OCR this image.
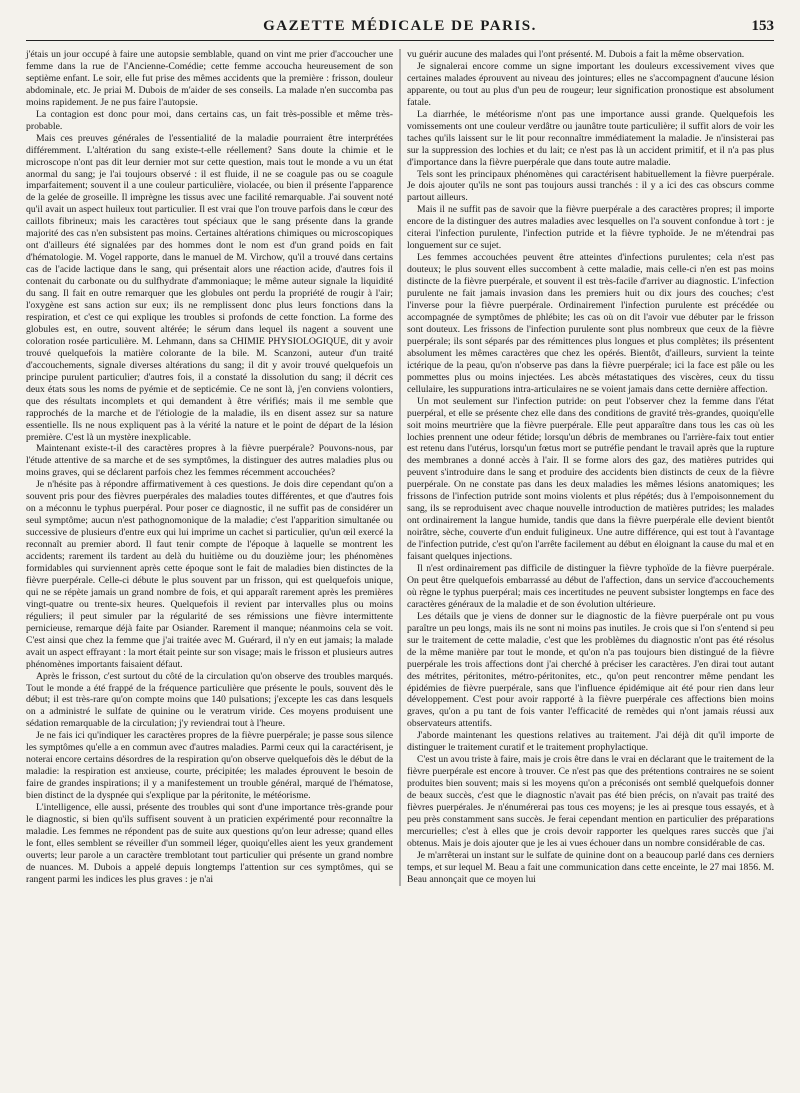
GAZETTE MÉDICALE DE PARIS.	153

j'étais un jour occupé à faire une autopsie semblable, quand on vint me prier d'accoucher une femme dans la rue de l'Ancienne-Comédie; cette femme accoucha heureusement de son septième enfant. Le soir, elle fut prise des mêmes accidents que la première : frisson, douleur abdominale, etc. Je priai M. Dubois de m'aider de ses conseils. La malade n'en succomba pas moins rapidement. Je ne pus faire l'autopsie.

La contagion est donc pour moi, dans certains cas, un fait très-possible et même très-probable.

Mais ces preuves générales de l'essentialité de la maladie pourraient être interprétées différemment. L'altération du sang existe-t-elle réellement? Sans doute la chimie et le microscope n'ont pas dit leur dernier mot sur cette question, mais tout le monde a vu un état anormal du sang; je l'ai toujours observé : il est fluide, il ne se coagule pas ou se coagule imparfaitement; souvent il a une couleur particulière, violacée, ou bien il présente l'apparence de la gelée de groseille. Il imprègne les tissus avec une facilité remarquable. J'ai souvent noté qu'il avait un aspect huileux tout particulier. Il est vrai que l'on trouve parfois dans le cœur des caillots fibrineux; mais les caractères tout spéciaux que le sang présente dans la grande majorité des cas n'en subsistent pas moins. Certaines altérations chimiques ou microscopiques ont d'ailleurs été signalées par des hommes dont le nom est d'un grand poids en fait d'hématologie. M. Vogel rapporte, dans le manuel de M. Virchow, qu'il a trouvé dans certains cas de l'acide lactique dans le sang, qui présentait alors une réaction acide, d'autres fois il contenait du carbonate ou du sulfhydrate d'ammoniaque; le même auteur signale la liquidité du sang. Il fait en outre remarquer que les globules ont perdu la propriété de rougir à l'air; l'oxygène est sans action sur eux; ils ne remplissent donc plus leurs fonctions dans la respiration, et c'est ce qui explique les troubles si profonds de cette fonction. La forme des globules est, en outre, souvent altérée; le sérum dans lequel ils nagent a souvent une coloration rosée particulière. M. Lehmann, dans sa CHIMIE PHYSIOLOGIQUE, dit y avoir trouvé quelquefois la matière colorante de la bile. M. Scanzoni, auteur d'un traité d'accouchements, signale diverses altérations du sang; il dit y avoir trouvé quelquefois un principe purulent particulier; d'autres fois, il a constaté la dissolution du sang; il décrit ces deux états sous les noms de pyémie et de septicémie. Ce ne sont là, j'en conviens volontiers, que des résultats incomplets et qui demandent à être vérifiés; mais il me semble que rapprochés de la marche et de l'étiologie de la maladie, ils en disent assez sur sa nature essentielle. Ils ne nous expliquent pas à la vérité la nature et le point de départ de la lésion première. C'est là un mystère inexplicable.

Maintenant existe-t-il des caractères propres à la fièvre puerpérale? Pouvons-nous, par l'étude attentive de sa marche et de ses symptômes, la distinguer des autres maladies plus ou moins graves, qui se déclarent parfois chez les femmes récemment accouchées?

Je n'hésite pas à répondre affirmativement à ces questions. Je dois dire cependant qu'on a souvent pris pour des fièvres puerpérales des maladies toutes différentes, et que d'autres fois on a méconnu le typhus puerpéral. Pour poser ce diagnostic, il ne suffit pas de considérer un seul symptôme; aucun n'est pathognomonique de la maladie; c'est l'apparition simultanée ou successive de plusieurs d'entre eux qui lui imprime un cachet si particulier, qu'un œil exercé la reconnaît au premier abord. Il faut tenir compte de l'époque à laquelle se montrent les accidents; rarement ils tardent au delà du huitième ou du douzième jour; les phénomènes formidables qui surviennent après cette époque sont le fait de maladies bien distinctes de la fièvre puerpérale. Celle-ci débute le plus souvent par un frisson, qui est quelquefois unique, qui ne se répète jamais un grand nombre de fois, et qui apparaît rarement après les premières vingt-quatre ou trente-six heures. Quelquefois il revient par intervalles plus ou moins réguliers; il peut simuler par la régularité de ses rémissions une fièvre intermittente pernicieuse, remarque déjà faite par Osiander. Rarement il manque; néanmoins cela se voit. C'est ainsi que chez la femme que j'ai traitée avec M. Guérard, il n'y en eut jamais; la malade avait un aspect effrayant : la mort était peinte sur son visage; mais le frisson et plusieurs autres phénomènes importants faisaient défaut.

Après le frisson, c'est surtout du côté de la circulation qu'on observe des troubles marqués. Tout le monde a été frappé de la fréquence particulière que présente le pouls, souvent dès le début; il est très-rare qu'on compte moins que 140 pulsations; j'excepte les cas dans lesquels on a administré le sulfate de quinine ou le veratrum viride. Ces moyens produisent une sédation remarquable de la circulation; j'y reviendrai tout à l'heure.

Je ne fais ici qu'indiquer les caractères propres de la fièvre puerpérale; je passe sous silence les symptômes qu'elle a en commun avec d'autres maladies. Parmi ceux qui la caractérisent, je noterai encore certains désordres de la respiration qu'on observe quelquefois dès le début de la maladie: la respiration est anxieuse, courte, précipitée; les malades éprouvent le besoin de faire de grandes inspirations; il y a manifestement un trouble général, marqué de l'hématose, bien distinct de la dyspnée qui s'explique par la péritonite, le météorisme.

L'intelligence, elle aussi, présente des troubles qui sont d'une importance très-grande pour le diagnostic, si bien qu'ils suffisent souvent à un praticien expérimenté pour reconnaître la maladie. Les femmes ne répondent pas de suite aux questions qu'on leur adresse; quand elles le font, elles semblent se réveiller d'un sommeil léger, quoiqu'elles aient les yeux grandement ouverts; leur parole a un caractère tremblotant tout particulier qui présente un grand nombre de nuances. M. Dubois a appelé depuis longtemps l'attention sur ces symptômes, qui se rangent parmi les indices les plus graves : je n'ai

vu guérir aucune des malades qui l'ont présenté. M. Dubois a fait la même observation.

Je signalerai encore comme un signe important les douleurs excessivement vives que certaines malades éprouvent au niveau des jointures; elles ne s'accompagnent d'aucune lésion apparente, ou tout au plus d'un peu de rougeur; leur signification pronostique est absolument fatale.

La diarrhée, le météorisme n'ont pas une importance aussi grande. Quelquefois les vomissements ont une couleur verdâtre ou jaunâtre toute particulière; il suffit alors de voir les taches qu'ils laissent sur le lit pour reconnaître immédiatement la maladie. Je n'insisterai pas sur la suppression des lochies et du lait; ce n'est pas là un accident primitif, et il n'a pas plus d'importance dans la fièvre puerpérale que dans toute autre maladie.

Tels sont les principaux phénomènes qui caractérisent habituellement la fièvre puerpérale. Je dois ajouter qu'ils ne sont pas toujours aussi tranchés : il y a ici des cas obscurs comme partout ailleurs.

Mais il ne suffit pas de savoir que la fièvre puerpérale a des caractères propres; il importe encore de la distinguer des autres maladies avec lesquelles on l'a souvent confondue à tort : je citerai l'infection purulente, l'infection putride et la fièvre typhoïde. Je ne m'étendrai pas longuement sur ce sujet.

Les femmes accouchées peuvent être atteintes d'infections purulentes; cela n'est pas douteux; le plus souvent elles succombent à cette maladie, mais celle-ci n'en est pas moins distincte de la fièvre puerpérale, et souvent il est très-facile d'arriver au diagnostic. L'infection purulente ne fait jamais invasion dans les premiers huit ou dix jours des couches; c'est l'inverse pour la fièvre puerpérale. Ordinairement l'infection purulente est précédée ou accompagnée de symptômes de phlébite; les cas où on dit l'avoir vue débuter par le frisson sont douteux. Les frissons de l'infection purulente sont plus nombreux que ceux de la fièvre puerpérale; ils sont séparés par des rémittences plus longues et plus complètes; ils présentent absolument les mêmes caractères que chez les opérés. Bientôt, d'ailleurs, survient la teinte ictérique de la peau, qu'on n'observe pas dans la fièvre puerpérale; ici la face est pâle ou les pommettes plus ou moins injectées. Les abcès métastatiques des viscères, ceux du tissu cellulaire, les suppurations intra-articulaires ne se voient jamais dans cette dernière affection.

Un mot seulement sur l'infection putride: on peut l'observer chez la femme dans l'état puerpéral, et elle se présente chez elle dans des conditions de gravité très-grandes, quoiqu'elle soit moins meurtrière que la fièvre puerpérale. Elle peut apparaître dans tous les cas où les lochies prennent une odeur fétide; lorsqu'un débris de membranes ou l'arrière-faix tout entier est retenu dans l'utérus, lorsqu'un fœtus mort se putréfie pendant le travail après que la rupture des membranes a donné accès à l'air. Il se forme alors des gaz, des matières putrides qui peuvent s'introduire dans le sang et produire des accidents bien distincts de ceux de la fièvre puerpérale. On ne constate pas dans les deux maladies les mêmes lésions anatomiques; les frissons de l'infection putride sont moins violents et plus répétés; dus à l'empoisonnement du sang, ils se reproduisent avec chaque nouvelle introduction de matières putrides; les malades ont ordinairement la langue humide, tandis que dans la fièvre puerpérale elle devient bientôt noirâtre, sèche, couverte d'un enduit fuligineux. Une autre différence, qui est tout à l'avantage de l'infection putride, c'est qu'on l'arrête facilement au début en éloignant la cause du mal et en faisant quelques injections.

Il n'est ordinairement pas difficile de distinguer la fièvre typhoïde de la fièvre puerpérale. On peut être quelquefois embarrassé au début de l'affection, dans un service d'accouchements où règne le typhus puerpéral; mais ces incertitudes ne peuvent subsister longtemps en face des caractères généraux de la maladie et de son évolution ultérieure.

Les détails que je viens de donner sur le diagnostic de la fièvre puerpérale ont pu vous paraître un peu longs, mais ils ne sont ni moins pas inutiles. Je crois que si l'on s'entend si peu sur le traitement de cette maladie, c'est que les problèmes du diagnostic n'ont pas été résolus de la même manière par tout le monde, et qu'on n'a pas toujours bien distingué de la fièvre puerpérale les trois affections dont j'ai cherché à préciser les caractères. J'en dirai tout autant des métrites, péritonites, métro-péritonites, etc., qu'on peut rencontrer même pendant les épidémies de fièvre puerpérale, sans que l'influence épidémique ait été pour rien dans leur développement. C'est pour avoir rapporté à la fièvre puerpérale ces affections bien moins graves, qu'on a pu tant de fois vanter l'efficacité de remèdes qui n'ont jamais réussi aux observateurs attentifs.

J'aborde maintenant les questions relatives au traitement. J'ai déjà dit qu'il importe de distinguer le traitement curatif et le traitement prophylactique.

C'est un avou triste à faire, mais je crois être dans le vrai en déclarant que le traitement de la fièvre puerpérale est encore à trouver. Ce n'est pas que des prétentions contraires ne se soient produites bien souvent; mais si les moyens qu'on a préconisés ont semblé quelquefois donner de beaux succès, c'est que le diagnostic n'avait pas été bien précis, on n'avait pas traité des fièvres puerpérales. Je n'énumérerai pas tous ces moyens; je les ai presque tous essayés, et à peu près constamment sans succès. Je ferai cependant mention en particulier des préparations mercurielles; c'est à elles que je crois devoir rapporter les quelques rares succès que j'ai obtenus. Mais je dois ajouter que je les ai vues échouer dans un nombre considérable de cas.

Je m'arrêterai un instant sur le sulfate de quinine dont on a beaucoup parlé dans ces derniers temps, et sur lequel M. Beau a fait une communication dans cette enceinte, le 27 mai 1856. M. Beau annonçait que ce moyen lui
